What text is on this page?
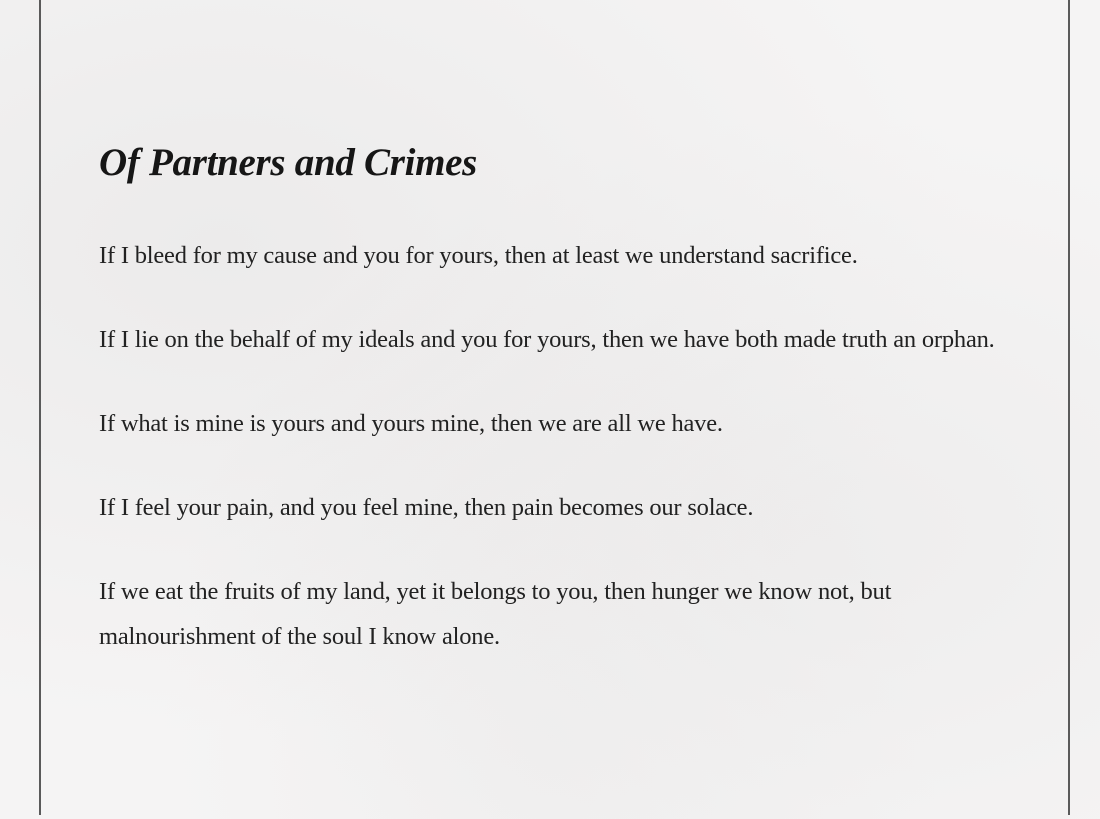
Of Partners and Crimes

If I bleed for my cause and you for yours, then at least we understand sacrifice.

If I lie on the behalf of my ideals and you for yours, then we have both made truth an orphan.

If what is mine is yours and yours mine, then we are all we have.

If I feel your pain, and you feel mine, then pain becomes our solace.

If we eat the fruits of my land, yet it belongs to you, then hunger we know not, but malnourishment of the soul I know alone.
